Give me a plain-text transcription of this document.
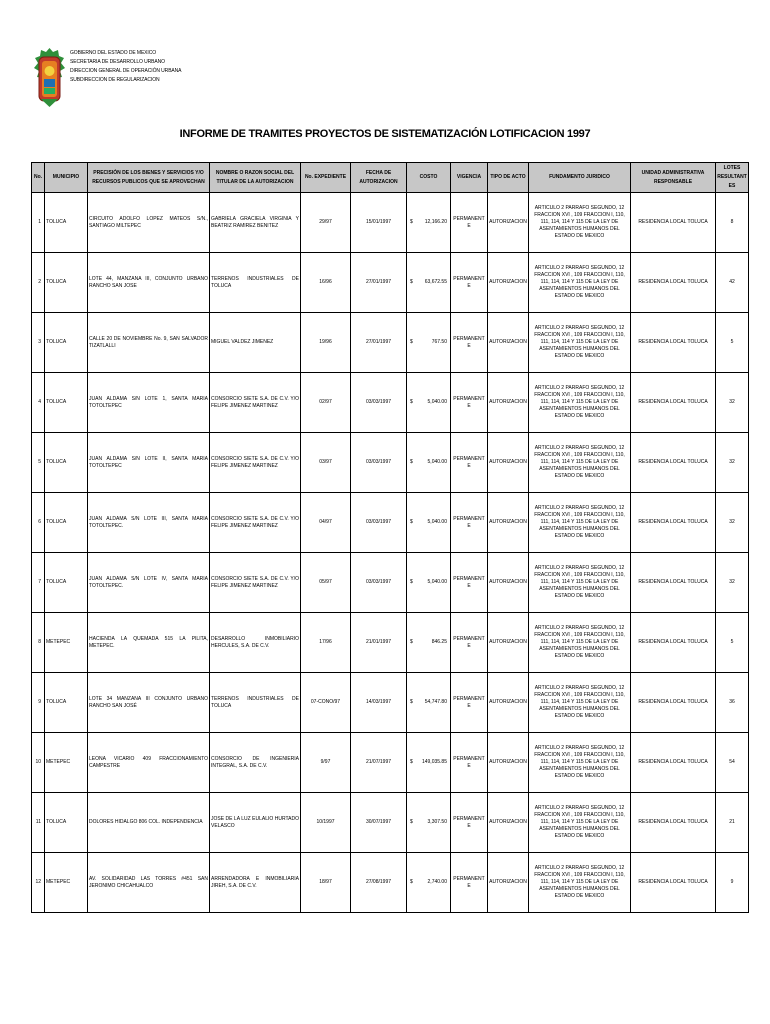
GOBIERNO DEL ESTADO DE MEXICO
SECRETARIA DE DESARROLLO URBANO
DIRECCION GENERAL DE OPERACIÓN URBANA
SUBDIRECCION DE REGULARIZACION
INFORME DE TRAMITES PROYECTOS DE SISTEMATIZACIÓN LOTIFICACION 1997
No.	MUNICIPIO	PRECISIÓN DE LOS BIENES Y SERVICIOS Y/O RECURSOS PUBLICOS QUE SE APROVECHAN	NOMBRE O RAZON SOCIAL DEL TITULAR DE LA AUTORIZACION	No. EXPEDIENTE	FECHA DE AUTORIZACION	COSTO	VIGENCIA	TIPO DE ACTO	FUNDAMENTO JURIDICO	UNIDAD ADMINISTRATIVA RESPONSABLE	LOTES RESULTANTES
1	TOLUCA	CIRCUITO ADOLFO LOPEZ MATEOS S/N., SANTIAGO MILTEPEC	GABRIELA GRACIELA VIRGINIA Y BEATRIZ RAMIREZ BENITEZ	29/97	15/01/1997	$ 12,166.20	PERMANENTE	AUTORIZACION	ARTICULO 2 PARRAFO SEGUNDO, 12 FRACCION XVI , 109 FRACCION I, 110, 111, 114, 114 Y 115 DE LA LEY DE ASENTAMIENTOS HUMANOS DEL ESTADO DE MEXICO	RESIDENCIA LOCAL TOLUCA	8
2	TOLUCA	LOTE 44, MANZANA III, CONJUNTO URBANO RANCHO SAN JOSE	TERRENOS INDUSTRIALES DE TOLUCA	16/96	27/01/1997	$ 63,672.55	PERMANENTE	AUTORIZACION	ARTICULO 2 PARRAFO SEGUNDO, 12 FRACCION XVI , 109 FRACCION I, 110, 111, 114, 114 Y 115 DE LA LEY DE ASENTAMIENTOS HUMANOS DEL ESTADO DE MEXICO	RESIDENCIA LOCAL TOLUCA	42
3	TOLUCA	CALLE 20 DE NOVIEMBRE No. 9, SAN SALVADOR TIZATLALLI	MIGUEL VALDEZ JIMENEZ	19/96	27/01/1997	$ 767.50	PERMANENTE	AUTORIZACION	ARTICULO 2 PARRAFO SEGUNDO, 12 FRACCION XVI , 109 FRACCION I, 110, 111, 114, 114 Y 115 DE LA LEY DE ASENTAMIENTOS HUMANOS DEL ESTADO DE MEXICO	RESIDENCIA LOCAL TOLUCA	5
4	TOLUCA	JUAN ALDAMA S/N LOTE 1, SANTA MARIA TOTOLTEPEC	CONSORCIO SIETE S.A. DE C.V. Y/O FELIPE JIMENEZ MARTINEZ	02/97	03/03/1997	$ 5,040.00	PERMANENTE	AUTORIZACION	ARTICULO 2 PARRAFO SEGUNDO, 12 FRACCION XVI , 109 FRACCION I, 110, 111, 114, 114 Y 115 DE LA LEY DE ASENTAMIENTOS HUMANOS DEL ESTADO DE MEXICO	RESIDENCIA LOCAL TOLUCA	32
5	TOLUCA	JUAN ALDAMA S/N LOTE II, SANTA MARIA TOTOLTEPEC	CONSORCIO SIETE S.A. DE C.V. Y/O FELIPE JIMENEZ MARTINEZ	03/97	03/03/1997	$ 5,040.00	PERMANENTE	AUTORIZACION	ARTICULO 2 PARRAFO SEGUNDO, 12 FRACCION XVI , 109 FRACCION I, 110, 111, 114, 114 Y 115 DE LA LEY DE ASENTAMIENTOS HUMANOS DEL ESTADO DE MEXICO	RESIDENCIA LOCAL TOLUCA	32
6	TOLUCA	JUAN ALDAMA S/N LOTE III, SANTA MARIA TOTOLTEPEC.	CONSORCIO SIETE S.A. DE C.V. Y/O FELIPE JIMENEZ MARTINEZ	04/97	03/03/1997	$ 5,040.00	PERMANENTE	AUTORIZACION	ARTICULO 2 PARRAFO SEGUNDO, 12 FRACCION XVI , 109 FRACCION I, 110, 111, 114, 114 Y 115 DE LA LEY DE ASENTAMIENTOS HUMANOS DEL ESTADO DE MEXICO	RESIDENCIA LOCAL TOLUCA	32
7	TOLUCA	JUAN ALDAMA S/N LOTE IV, SANTA MARIA TOTOLTEPEC.	CONSORCIO SIETE S.A. DE C.V. Y/O FELIPE JIMENEZ MARTINEZ	05/97	03/03/1997	$ 5,040.00	PERMANENTE	AUTORIZACION	ARTICULO 2 PARRAFO SEGUNDO, 12 FRACCION XVI , 109 FRACCION I, 110, 111, 114, 114 Y 115 DE LA LEY DE ASENTAMIENTOS HUMANOS DEL ESTADO DE MEXICO	RESIDENCIA LOCAL TOLUCA	32
8	METEPEC	HACIENDA LA QUEMADA 515 LA PILITA, METEPEC.	DESARROLLO INMOBILIARIO HERCULES, S.A. DE C.V.	17/96	21/01/1997	$ 846.25	PERMANENTE	AUTORIZACION	ARTICULO 2 PARRAFO SEGUNDO, 12 FRACCION XVI , 109 FRACCION I, 110, 111, 114, 114 Y 115 DE LA LEY DE ASENTAMIENTOS HUMANOS DEL ESTADO DE MEXICO	RESIDENCIA LOCAL TOLUCA	5
9	TOLUCA	LOTE 34 MANZANA III CONJUNTO URBANO RANCHO SAN JOSÉ	TERRENOS INDUSTRIALES DE TOLUCA	07-CONO/97	14/03/1997	$ 54,747.80	PERMANENTE	AUTORIZACION	ARTICULO 2 PARRAFO SEGUNDO, 12 FRACCION XVI , 109 FRACCION I, 110, 111, 114, 114 Y 115 DE LA LEY DE ASENTAMIENTOS HUMANOS DEL ESTADO DE MEXICO	RESIDENCIA LOCAL TOLUCA	36
10	METEPEC	LEONA VICARIO 409 FRACCIONAMIENTO CAMPESTRE	CONSORCIO DE INGENIERIA INTEGRAL, S.A. DE C.V.	9/97	21/07/1997	$ 149,035.85	PERMANENTE	AUTORIZACION	ARTICULO 2 PARRAFO SEGUNDO, 12 FRACCION XVI , 109 FRACCION I, 110, 111, 114, 114 Y 115 DE LA LEY DE ASENTAMIENTOS HUMANOS DEL ESTADO DE MEXICO	RESIDENCIA LOCAL TOLUCA	54
11	TOLUCA	DOLORES HIDALGO 806 COL. INDEPENDENCIA	JOSE DE LA LUZ EULALIO HURTADO VELASCO	10/1997	30/07/1997	$ 3,307.50	PERMANENTE	AUTORIZACION	ARTICULO 2 PARRAFO SEGUNDO, 12 FRACCION XVI , 109 FRACCION I, 110, 111, 114, 114 Y 115 DE LA LEY DE ASENTAMIENTOS HUMANOS DEL ESTADO DE MEXICO	RESIDENCIA LOCAL TOLUCA	21
12	METEPEC	AV. SOLIDARIDAD LAS TORRES #451 SAN JERONIMO CHICAHUALCO	ARRENDADORA E INMOBILIARIA JIREH, S.A. DE C.V.	18/97	27/08/1997	$ 2,740.00	PERMANENTE	AUTORIZACION	ARTICULO 2 PARRAFO SEGUNDO, 12 FRACCION XVI , 109 FRACCION I, 110, 111, 114, 114 Y 115 DE LA LEY DE ASENTAMIENTOS HUMANOS DEL ESTADO DE MEXICO	RESIDENCIA LOCAL TOLUCA	9
